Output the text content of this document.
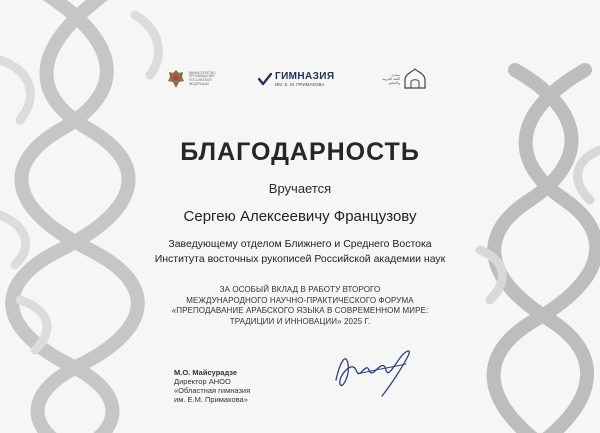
МИНИСТЕРСТВО
ПРОСВЕЩЕНИЯ
РОССИЙСКОЙ
ФЕДЕРАЦИИ
ГИМНАЗИЯ
ИМ. Е. М. ПРИМАКОВА
منتدى
اللغة العربية
والتعليم
БЛАГОДАРНОСТЬ
Вручается
Сергею Алексеевичу Французову
Заведующему отделом Ближнего и Среднего Востока
Института восточных рукописей Российской академии наук
ЗА ОСОБЫЙ ВКЛАД В РАБОТУ ВТОРОГО
МЕЖДУНАРОДНОГО НАУЧНО-ПРАКТИЧЕСКОГО ФОРУМА
«ПРЕПОДАВАНИЕ АРАБСКОГО ЯЗЫКА В СОВРЕМЕННОМ МИРЕ:
ТРАДИЦИИ И ИННОВАЦИИ» 2025 Г.
М.О. Майсурадзе
Директор АНОО
«Областная гимназия
им. Е.М. Примакова»
